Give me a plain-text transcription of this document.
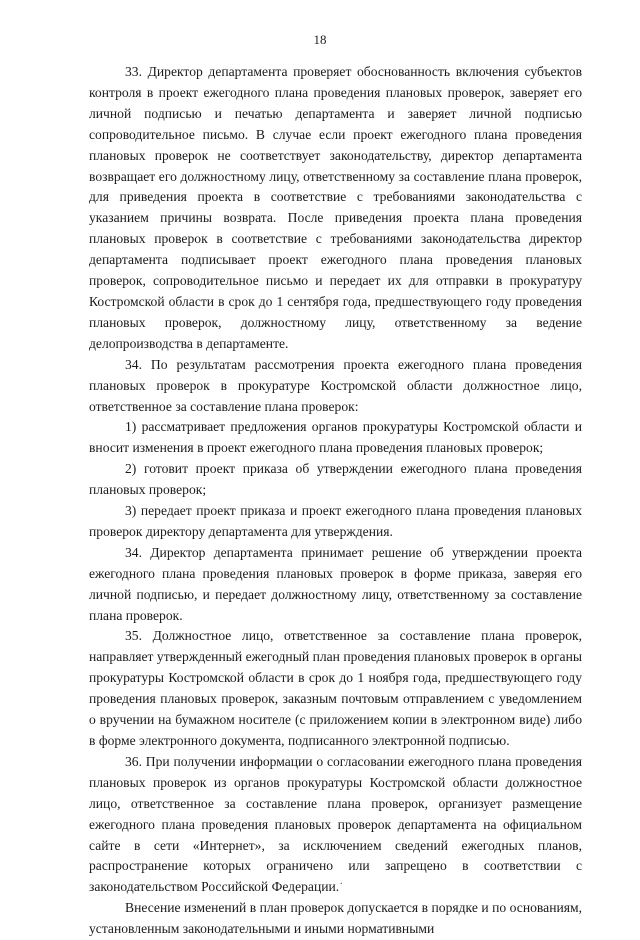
18

33. Директор департамента проверяет обоснованность включения субъектов контроля в проект ежегодного плана проведения плановых проверок, заверяет его личной подписью и печатью департамента и заверяет личной подписью сопроводительное письмо. В случае если проект ежегодного плана проведения плановых проверок не соответствует законодательству, директор департамента возвращает его должностному лицу, ответственному за составление плана проверок, для приведения проекта в соответствие с требованиями законодательства с указанием причины возврата. После приведения проекта плана проведения плановых проверок в соответствие с требованиями законодательства директор департамента подписывает проект ежегодного плана проведения плановых проверок, сопроводительное письмо и передает их для отправки в прокуратуру Костромской области в срок до 1 сентября года, предшествующего году проведения плановых проверок, должностному лицу, ответственному за ведение делопроизводства в департаменте.

34. По результатам рассмотрения проекта ежегодного плана проведения плановых проверок в прокуратуре Костромской области должностное лицо, ответственное за составление плана проверок:

1) рассматривает предложения органов прокуратуры Костромской области и вносит изменения в проект ежегодного плана проведения плановых проверок;

2) готовит проект приказа об утверждении ежегодного плана проведения плановых проверок;

3) передает проект приказа и проект ежегодного плана проведения плановых проверок директору департамента для утверждения.

34. Директор департамента принимает решение об утверждении проекта ежегодного плана проведения плановых проверок в форме приказа, заверяя его личной подписью, и передает должностному лицу, ответственному за составление плана проверок.

35. Должностное лицо, ответственное за составление плана проверок, направляет утвержденный ежегодный план проведения плановых проверок в органы прокуратуры Костромской области в срок до 1 ноября года, предшествующего году проведения плановых проверок, заказным почтовым отправлением с уведомлением о вручении на бумажном носителе (с приложением копии в электронном виде) либо в форме электронного документа, подписанного электронной подписью.

36. При получении информации о согласовании ежегодного плана проведения плановых проверок из органов прокуратуры Костромской области должностное лицо, ответственное за составление плана проверок, организует размещение ежегодного плана проведения плановых проверок департамента на официальном сайте в сети «Интернет», за исключением сведений ежегодных планов, распространение которых ограничено или запрещено в соответствии с законодательством Российской Федерации.

Внесение изменений в план проверок допускается в порядке и по основаниям, установленным законодательными и иными нормативными

.
